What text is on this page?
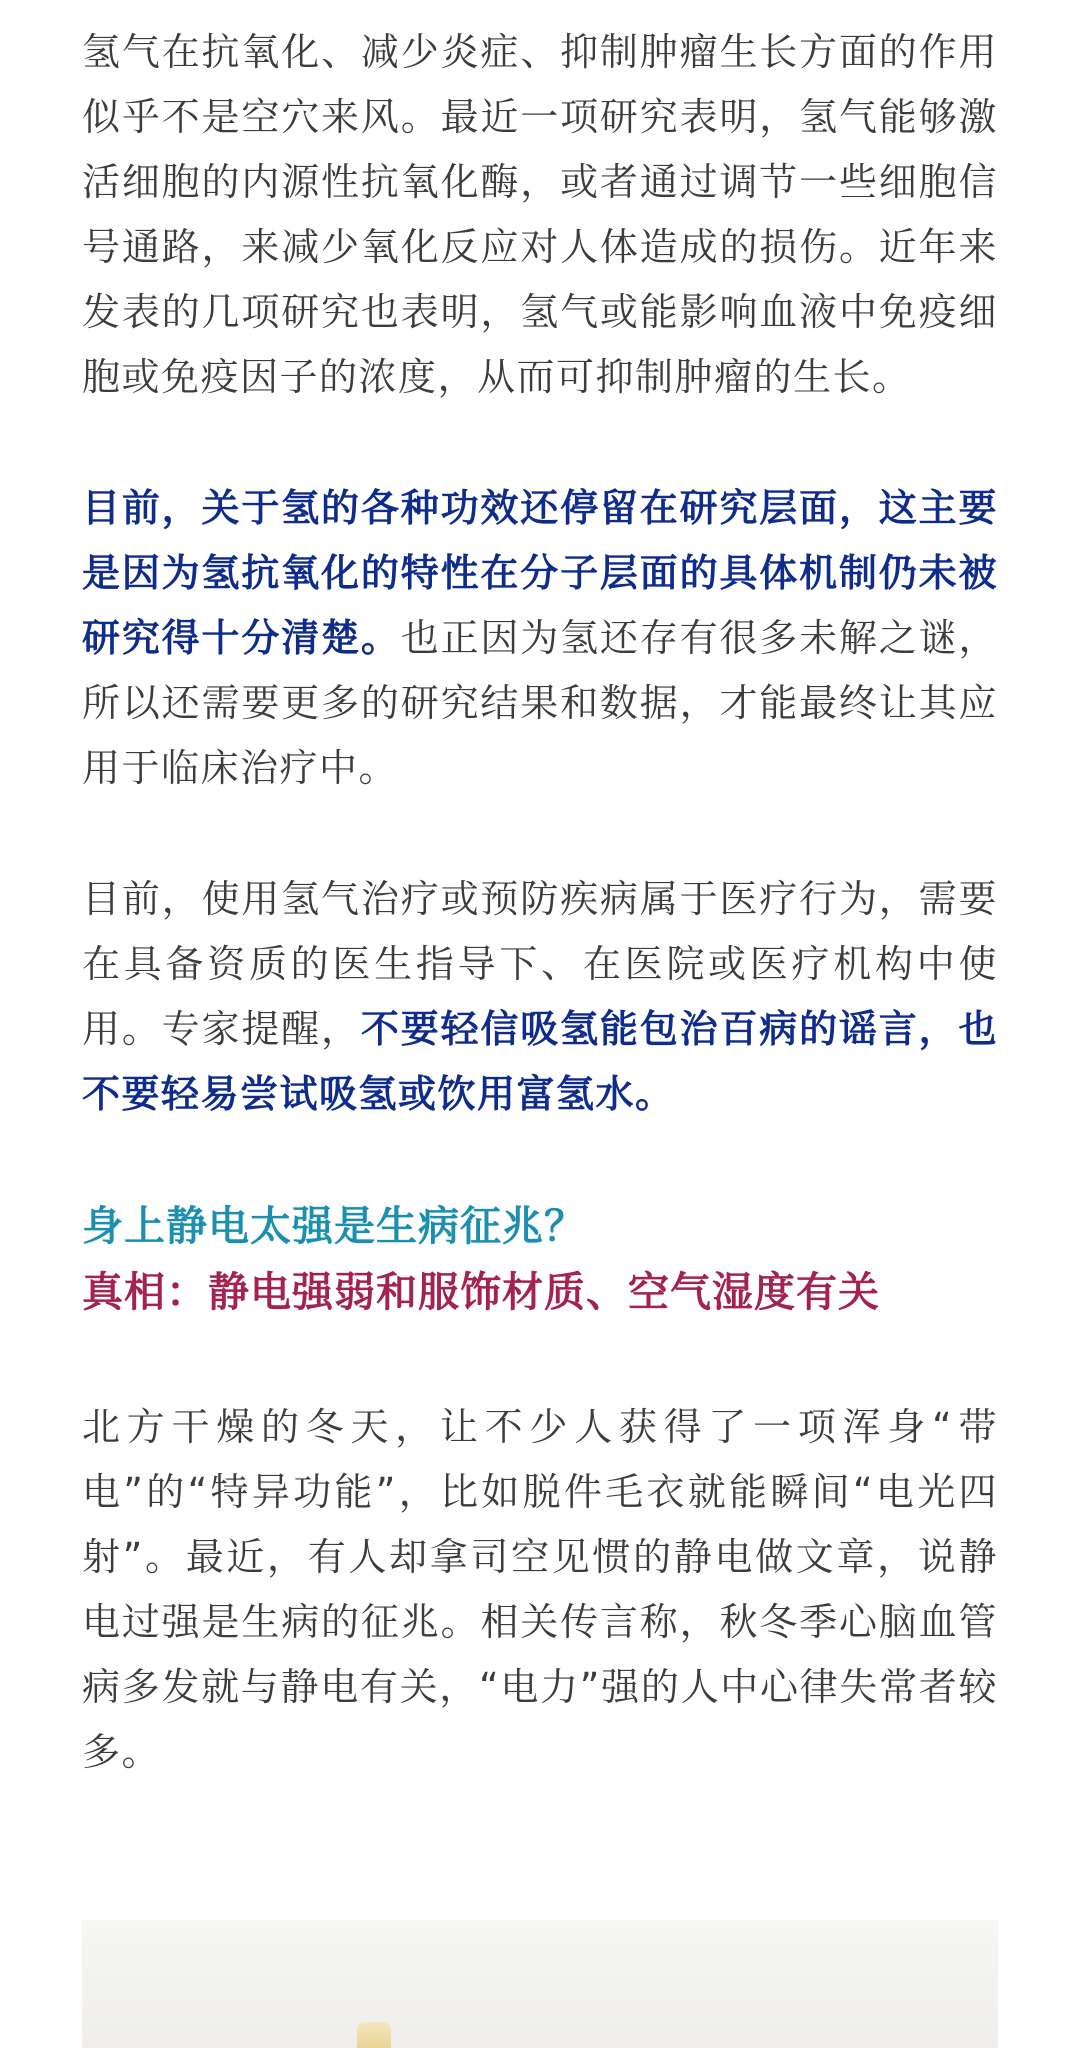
氢气在抗氧化、减少炎症、抑制肿瘤生长方面的作用似乎不是空穴来风。最近一项研究表明，氢气能够激活细胞的内源性抗氧化酶，或者通过调节一些细胞信号通路，来减少氧化反应对人体造成的损伤。近年来发表的几项研究也表明，氢气或能影响血液中免疫细胞或免疫因子的浓度，从而可抑制肿瘤的生长。

目前，关于氢的各种功效还停留在研究层面，这主要是因为氢抗氧化的特性在分子层面的具体机制仍未被研究得十分清楚。也正因为氢还存有很多未解之谜，所以还需要更多的研究结果和数据，才能最终让其应用于临床治疗中。

目前，使用氢气治疗或预防疾病属于医疗行为，需要在具备资质的医生指导下、在医院或医疗机构中使用。专家提醒，不要轻信吸氢能包治百病的谣言，也不要轻易尝试吸氢或饮用富氢水。

身上静电太强是生病征兆？
真相：静电强弱和服饰材质、空气湿度有关

北方干燥的冬天，让不少人获得了一项浑身“带电”的“特异功能”，比如脱件毛衣就能瞬间“电光四射”。最近，有人却拿司空见惯的静电做文章，说静电过强是生病的征兆。相关传言称，秋冬季心脑血管病多发就与静电有关，“电力”强的人中心律失常者较多。
